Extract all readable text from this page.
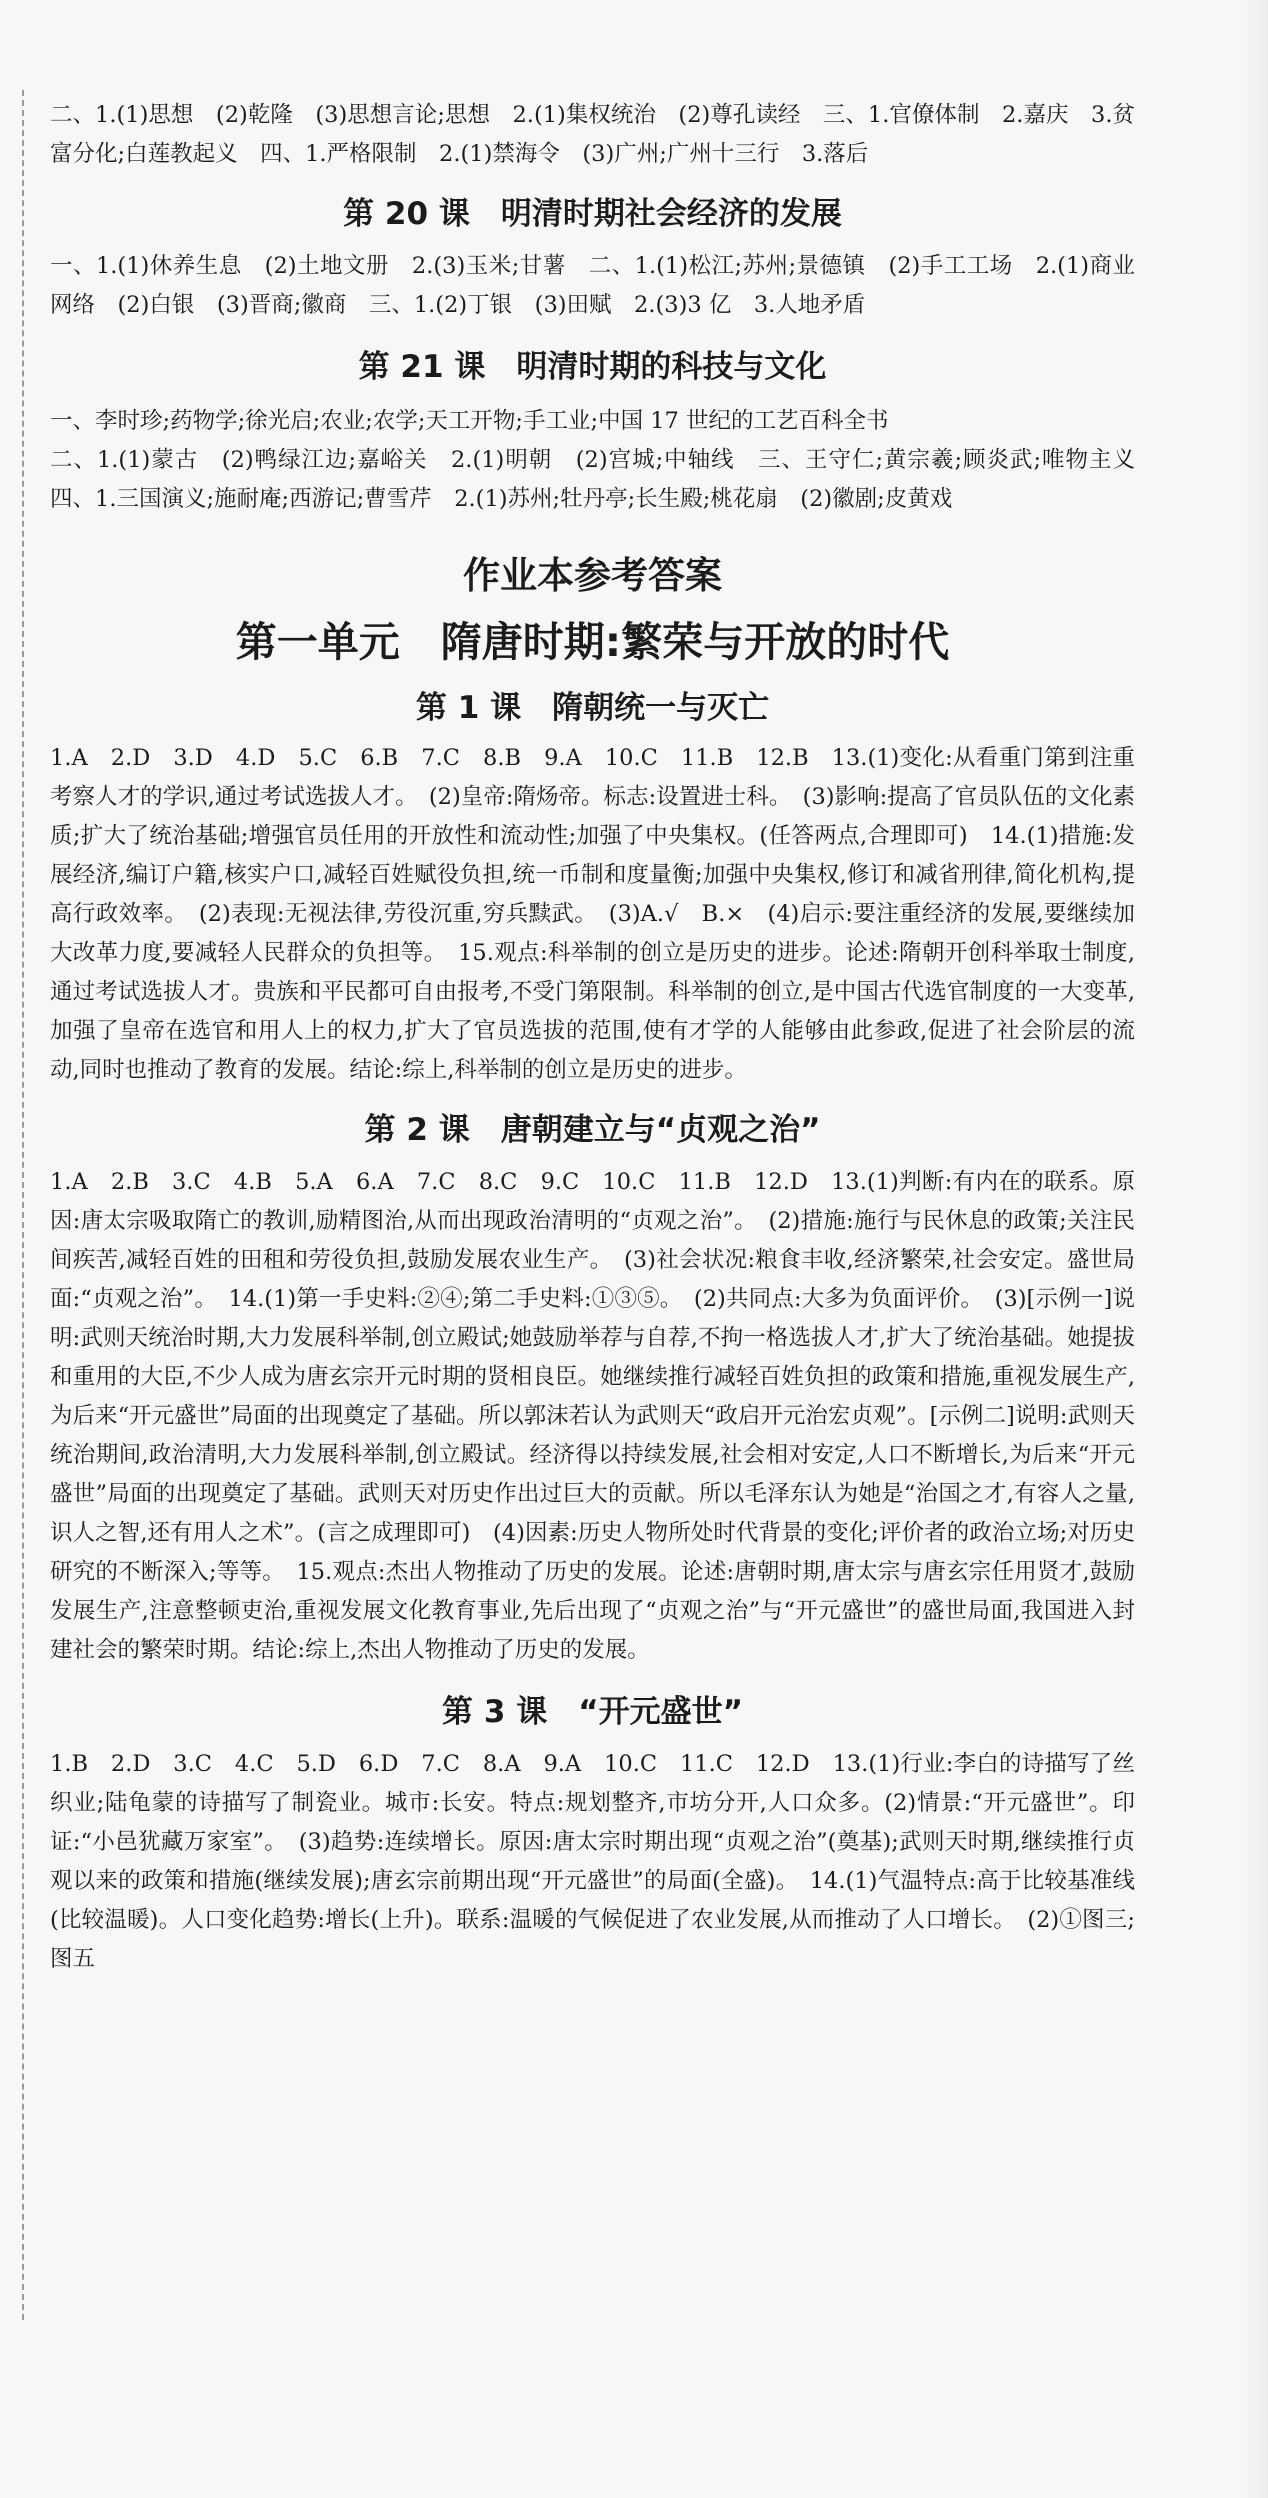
二、1.(1)思想　(2)乾隆　(3)思想言论;思想　2.(1)集权统治　(2)尊孔读经　三、1.官僚体制　2.嘉庆　3.贫富分化;白莲教起义　四、1.严格限制　2.(1)禁海令　(3)广州;广州十三行　3.落后

第 20 课　明清时期社会经济的发展

一、1.(1)休养生息　(2)土地文册　2.(3)玉米;甘薯　二、1.(1)松江;苏州;景德镇　(2)手工工场　2.(1)商业网络　(2)白银　(3)晋商;徽商　三、1.(2)丁银　(3)田赋　2.(3)3 亿　3.人地矛盾

第 21 课　明清时期的科技与文化

一、李时珍;药物学;徐光启;农业;农学;天工开物;手工业;中国 17 世纪的工艺百科全书

二、1.(1)蒙古　(2)鸭绿江边;嘉峪关　2.(1)明朝　(2)宫城;中轴线　三、王守仁;黄宗羲;顾炎武;唯物主义　四、1.三国演义;施耐庵;西游记;曹雪芹　2.(1)苏州;牡丹亭;长生殿;桃花扇　(2)徽剧;皮黄戏

作业本参考答案
第一单元　隋唐时期:繁荣与开放的时代
第 1 课　隋朝统一与灭亡

1.A　2.D　3.D　4.D　5.C　6.B　7.C　8.B　9.A　10.C　11.B　12.B　13.(1)变化:从看重门第到注重考察人才的学识,通过考试选拔人才。　(2)皇帝:隋炀帝。标志:设置进士科。　(3)影响:提高了官员队伍的文化素质;扩大了统治基础;增强官员任用的开放性和流动性;加强了中央集权。(任答两点,合理即可)　14.(1)措施:发展经济,编订户籍,核实户口,减轻百姓赋役负担,统一币制和度量衡;加强中央集权,修订和减省刑律,简化机构,提高行政效率。　(2)表现:无视法律,劳役沉重,穷兵黩武。　(3)A.√　B.×　(4)启示:要注重经济的发展,要继续加大改革力度,要减轻人民群众的负担等。　15.观点:科举制的创立是历史的进步。论述:隋朝开创科举取士制度,通过考试选拔人才。贵族和平民都可自由报考,不受门第限制。科举制的创立,是中国古代选官制度的一大变革,加强了皇帝在选官和用人上的权力,扩大了官员选拔的范围,使有才学的人能够由此参政,促进了社会阶层的流动,同时也推动了教育的发展。结论:综上,科举制的创立是历史的进步。

第 2 课　唐朝建立与“贞观之治”

1.A　2.B　3.C　4.B　5.A　6.A　7.C　8.C　9.C　10.C　11.B　12.D　13.(1)判断:有内在的联系。原因:唐太宗吸取隋亡的教训,励精图治,从而出现政治清明的“贞观之治”。　(2)措施:施行与民休息的政策;关注民间疾苦,减轻百姓的田租和劳役负担,鼓励发展农业生产。　(3)社会状况:粮食丰收,经济繁荣,社会安定。盛世局面:“贞观之治”。　14.(1)第一手史料:②④;第二手史料:①③⑤。　(2)共同点:大多为负面评价。　(3)[示例一]说明:武则天统治时期,大力发展科举制,创立殿试;她鼓励举荐与自荐,不拘一格选拔人才,扩大了统治基础。她提拔和重用的大臣,不少人成为唐玄宗开元时期的贤相良臣。她继续推行减轻百姓负担的政策和措施,重视发展生产,为后来“开元盛世”局面的出现奠定了基础。所以郭沫若认为武则天“政启开元治宏贞观”。[示例二]说明:武则天统治期间,政治清明,大力发展科举制,创立殿试。经济得以持续发展,社会相对安定,人口不断增长,为后来“开元盛世”局面的出现奠定了基础。武则天对历史作出过巨大的贡献。所以毛泽东认为她是“治国之才,有容人之量,识人之智,还有用人之术”。(言之成理即可)　(4)因素:历史人物所处时代背景的变化;评价者的政治立场;对历史研究的不断深入;等等。　15.观点:杰出人物推动了历史的发展。论述:唐朝时期,唐太宗与唐玄宗任用贤才,鼓励发展生产,注意整顿吏治,重视发展文化教育事业,先后出现了“贞观之治”与“开元盛世”的盛世局面,我国进入封建社会的繁荣时期。结论:综上,杰出人物推动了历史的发展。

第 3 课　“开元盛世”

1.B　2.D　3.C　4.C　5.D　6.D　7.C　8.A　9.A　10.C　11.C　12.D　13.(1)行业:李白的诗描写了丝织业;陆龟蒙的诗描写了制瓷业。城市:长安。特点:规划整齐,市坊分开,人口众多。(2)情景:“开元盛世”。印证:“小邑犹藏万家室”。　(3)趋势:连续增长。原因:唐太宗时期出现“贞观之治”(奠基);武则天时期,继续推行贞观以来的政策和措施(继续发展);唐玄宗前期出现“开元盛世”的局面(全盛)。　14.(1)气温特点:高于比较基准线(比较温暖)。人口变化趋势:增长(上升)。联系:温暖的气候促进了农业发展,从而推动了人口增长。　(2)①图三;图五
